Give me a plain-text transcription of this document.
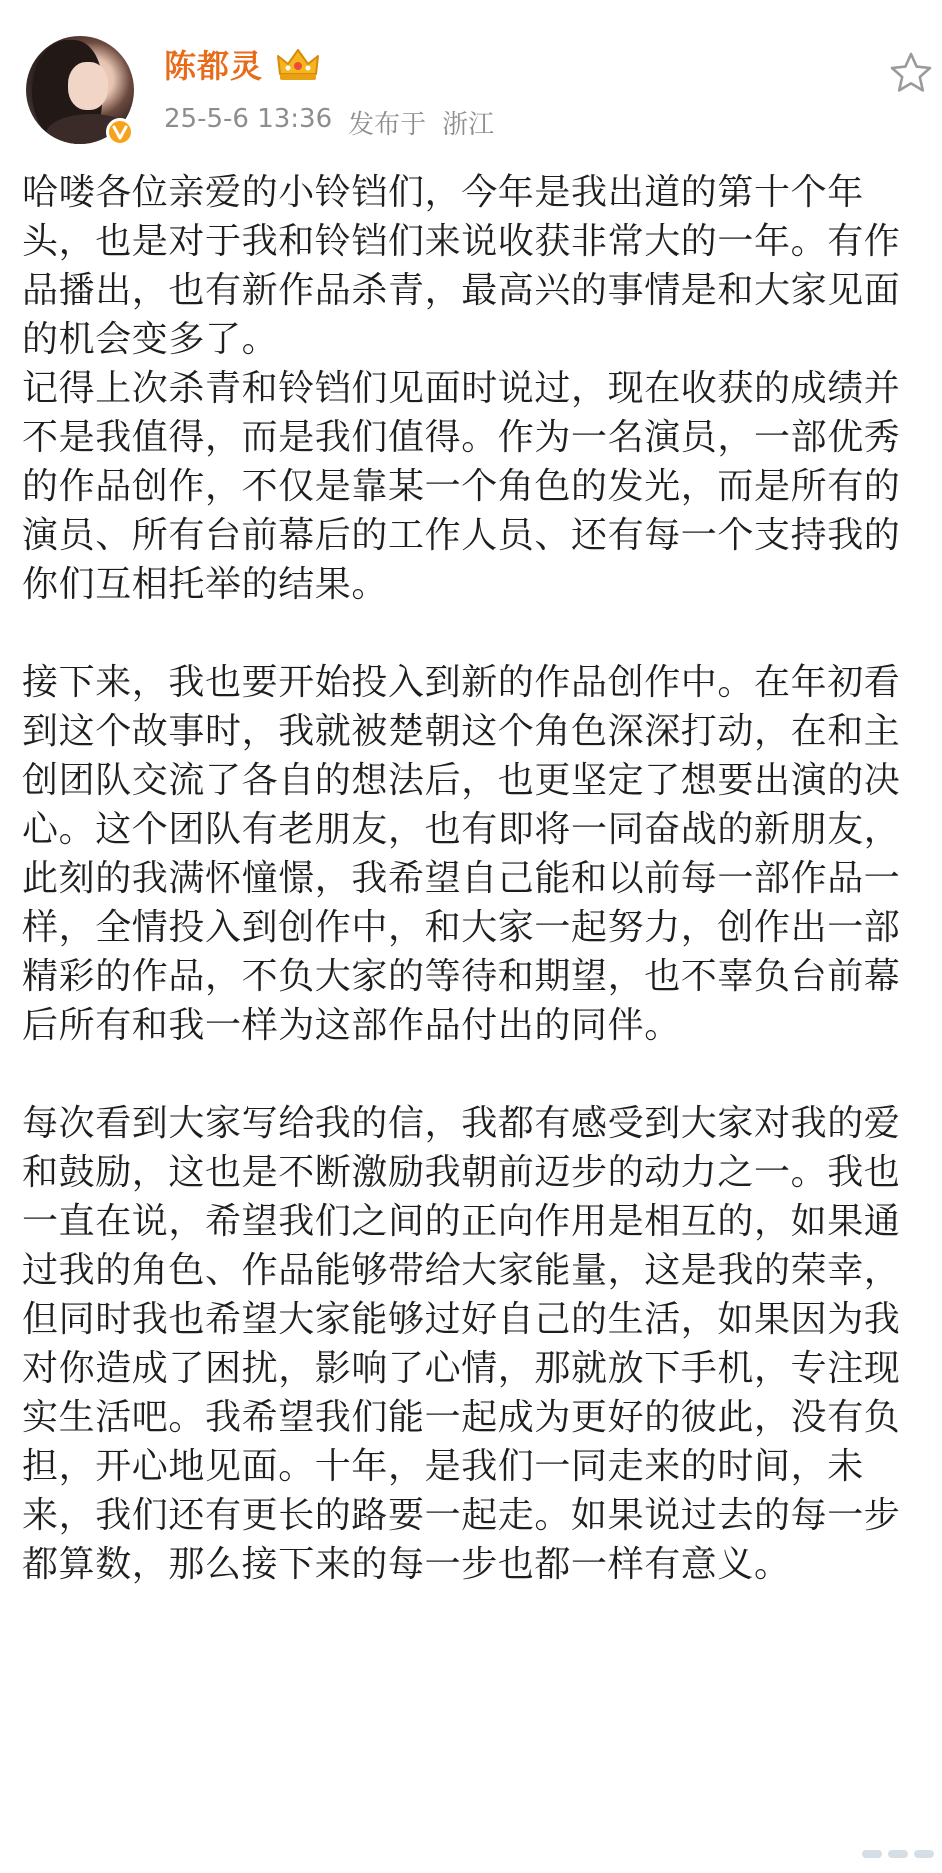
陈都灵
25-5-6 13:36 发布于 浙江

哈喽各位亲爱的小铃铛们，今年是我出道的第十个年头，也是对于我和铃铛们来说收获非常大的一年。有作品播出，也有新作品杀青，最高兴的事情是和大家见面的机会变多了。

记得上次杀青和铃铛们见面时说过，现在收获的成绩并不是我值得，而是我们值得。作为一名演员，一部优秀的作品创作，不仅是靠某一个角色的发光，而是所有的演员、所有台前幕后的工作人员、还有每一个支持我的你们互相托举的结果。

接下来，我也要开始投入到新的作品创作中。在年初看到这个故事时，我就被楚朝这个角色深深打动，在和主创团队交流了各自的想法后，也更坚定了想要出演的决心。这个团队有老朋友，也有即将一同奋战的新朋友，此刻的我满怀憧憬，我希望自己能和以前每一部作品一样，全情投入到创作中，和大家一起努力，创作出一部精彩的作品，不负大家的等待和期望，也不辜负台前幕后所有和我一样为这部作品付出的同伴。

每次看到大家写给我的信，我都有感受到大家对我的爱和鼓励，这也是不断激励我朝前迈步的动力之一。我也一直在说，希望我们之间的正向作用是相互的，如果通过我的角色、作品能够带给大家能量，这是我的荣幸，但同时我也希望大家能够过好自己的生活，如果因为我对你造成了困扰，影响了心情，那就放下手机，专注现实生活吧。我希望我们能一起成为更好的彼此，没有负担，开心地见面。十年，是我们一同走来的时间，未来，我们还有更长的路要一起走。如果说过去的每一步都算数，那么接下来的每一步也都一样有意义。
